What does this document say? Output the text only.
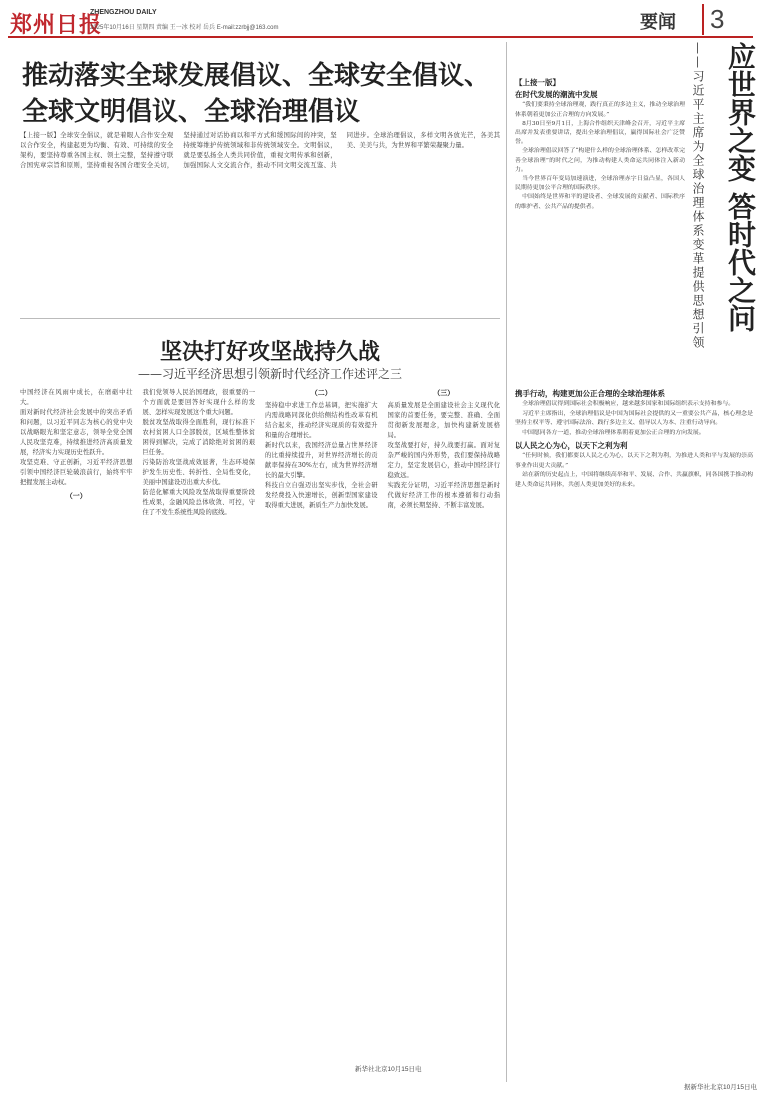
郑州日报
ZHENGZHOU DAILY
2025年10月16日 星期四 责编 王一冰 校对 岳兵 E-mail:zzrbjj@163.com	要闻	3
推动落实全球发展倡议、全球安全倡议、全球文明倡议、全球治理倡议
【上接一版】全球安全倡议，就是着眼人合作安全观以合作安全，构建起更为均衡、有效、可持续的安全架构，要坚持尊重各国主权、领土完整，坚持遵守联合国宪章宗旨和原则，坚持重视各国合理安全关切，坚持通过对话协商以和平方式和缓国际间的冲突，坚持统筹维护传统领域和非传统领域安全。文明倡议，就是要弘扬全人类共同价值，重视文明传承和创新，加强国际人文交流合作，推动不同文明交流互鉴、共同进步。全球治理倡议，多样文明各放光芒，各美其美、美美与共，为世界和平繁荣凝聚力量。
坚决打好攻坚战持久战
——习近平经济思想引领新时代经济工作述评之三

中国经济在风雨中成长，在磨砺中壮大。

面对新时代经济社会发展中的突出矛盾和问题，以习近平同志为核心的党中央以战略眼光和坚定意志，领导全党全国人民攻坚克难，持续推进经济高质量发展，经济实力实现历史性跃升。

攻坚克难、守正创新，习近平经济思想引领中国经济巨轮破浪前行，始终牢牢把握发展主动权。

（一）

我们党领导人民治国理政，很重要的一个方面就是要回答好实现什么样的发展、怎样实现发展这个重大问题。

脱贫攻坚战取得全面胜利，现行标准下农村贫困人口全部脱贫，区域性整体贫困得到解决，完成了消除绝对贫困的艰巨任务。

污染防治攻坚战成效显著，生态环境保护发生历史性、转折性、全局性变化，美丽中国建设迈出重大步伐。

防范化解重大风险攻坚战取得重要阶段性成果，金融风险总体收敛、可控，守住了不发生系统性风险的底线。

（二）

坚持稳中求进工作总基调，把实施扩大内需战略同深化供给侧结构性改革有机结合起来，推动经济实现质的有效提升和量的合理增长。

新时代以来，我国经济总量占世界经济的比重持续提升，对世界经济增长的贡献率保持在30%左右，成为世界经济增长的最大引擎。

科技自立自强迈出坚实步伐，全社会研发经费投入快速增长，创新型国家建设取得重大进展，新质生产力加快发展。

（三）

高质量发展是全面建设社会主义现代化国家的首要任务，要完整、准确、全面贯彻新发展理念，加快构建新发展格局。

攻坚战要打好，持久战要打赢。面对复杂严峻的国内外形势，我们要保持战略定力，坚定发展信心，推动中国经济行稳致远。

实践充分证明，习近平经济思想是新时代做好经济工作的根本遵循和行动指南，必须长期坚持、不断丰富发展。

新华社北京10月15日电
应世界之变 答时代之问
——习近平主席为全球治理体系变革提供思想引领
【上接一版】
在时代发展的潮流中发展

“我们要秉持全球治理观，践行真正的多边主义，推动全球治理体系朝着更加公正合理的方向发展。”

8月30日至9月1日，上海合作组织天津峰会召开，习近平主席出席并发表重要讲话，提出全球治理倡议，赢得国际社会广泛赞誉。

全球治理倡议回答了“构建什么样的全球治理体系、怎样改革完善全球治理”的时代之问，为推动构建人类命运共同体注入新动力。

当今世界百年变局加速演进，全球治理赤字日益凸显，各国人民期待更加公平合理的国际秩序。

中国始终是世界和平的建设者、全球发展的贡献者、国际秩序的维护者、公共产品的提供者。

携手行动，构建更加公正合理的全球治理体系

全球治理倡议得到国际社会积极响应，越来越多国家和国际组织表示支持和参与。

习近平主席指出，全球治理倡议是中国为国际社会提供的又一重要公共产品，核心理念是坚持主权平等、遵守国际法治、践行多边主义、倡导以人为本、注重行动导向。

中国愿同各方一道，推动全球治理体系朝着更加公正合理的方向发展。

以人民之心为心，以天下之利为利

“任何时候，我们都要以人民之心为心，以天下之利为利，为推进人类和平与发展的崇高事业作出更大贡献。”

站在新的历史起点上，中国将继续高举和平、发展、合作、共赢旗帜，同各国携手推动构建人类命运共同体，共创人类更加美好的未来。

据新华社北京10月15日电
